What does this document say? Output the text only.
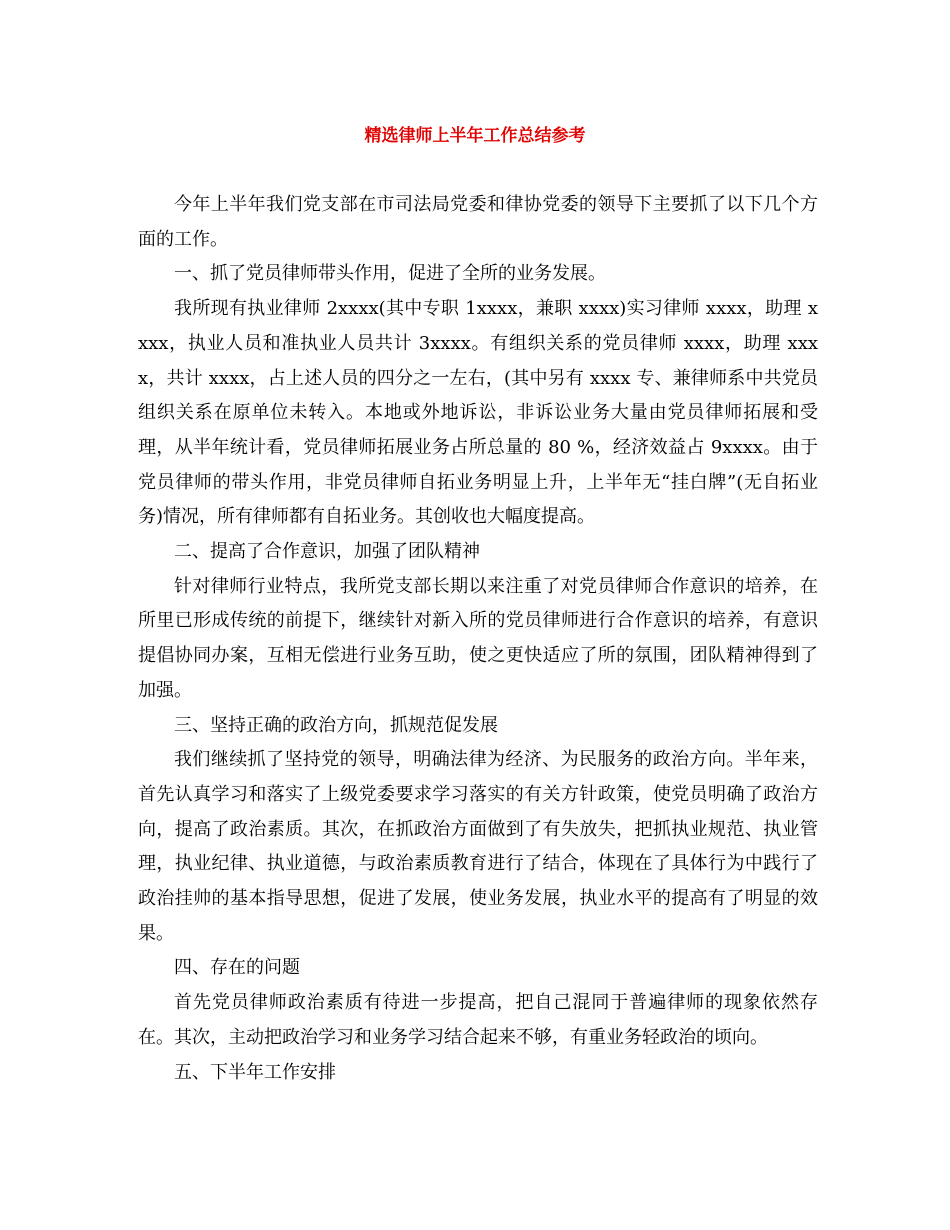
精选律师上半年工作总结参考

今年上半年我们党支部在市司法局党委和律协党委的领导下主要抓了以下几个方面的工作。

一、抓了党员律师带头作用，促进了全所的业务发展。

我所现有执业律师 2xxxx(其中专职 1xxxx，兼职 xxxx)实习律师 xxxx，助理 xxxx，执业人员和准执业人员共计 3xxxx。有组织关系的党员律师 xxxx，助理 xxxx，共计 xxxx，占上述人员的四分之一左右，(其中另有 xxxx 专、兼律师系中共党员组织关系在原单位未转入。本地或外地诉讼，非诉讼业务大量由党员律师拓展和受理，从半年统计看，党员律师拓展业务占所总量的 80 %，经济效益占 9xxxx。由于党员律师的带头作用，非党员律师自拓业务明显上升，上半年无“挂白牌”(无自拓业务)情况，所有律师都有自拓业务。其创收也大幅度提高。

二、提高了合作意识，加强了团队精神

针对律师行业特点，我所党支部长期以来注重了对党员律师合作意识的培养，在所里已形成传统的前提下，继续针对新入所的党员律师进行合作意识的培养，有意识提倡协同办案，互相无偿进行业务互助，使之更快适应了所的氛围，团队精神得到了加强。

三、坚持正确的政治方向，抓规范促发展

我们继续抓了坚持党的领导，明确法律为经济、为民服务的政治方向。半年来，首先认真学习和落实了上级党委要求学习落实的有关方针政策，使党员明确了政治方向，提高了政治素质。其次，在抓政治方面做到了有失放失，把抓执业规范、执业管理，执业纪律、执业道德，与政治素质教育进行了结合，体现在了具体行为中践行了政治挂帅的基本指导思想，促进了发展，使业务发展，执业水平的提高有了明显的效果。

四、存在的问题

首先党员律师政治素质有待进一步提高，把自己混同于普遍律师的现象依然存在。其次，主动把政治学习和业务学习结合起来不够，有重业务轻政治的顷向。

五、下半年工作安排
